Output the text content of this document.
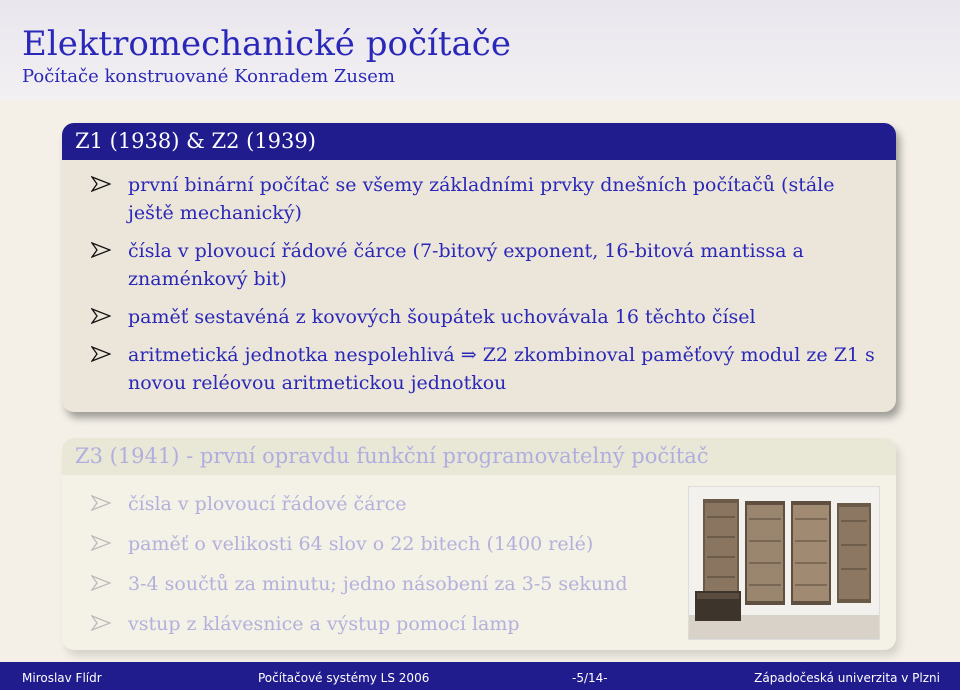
Elektromechanické počítače
Počítače konstruované Konradem Zusem
Z1 (1938) & Z2 (1939)
první binární počítač se všemy základními prvky dnešních počítačů (stále ještě mechanický)
čísla v plovoucí řádové čárce (7-bitový exponent, 16-bitová mantissa a znaménkový bit)
paměť sestavéná z kovových šoupátek uchovávala 16 těchto čísel
aritmetická jednotka nespolehlivá ⇒ Z2 zkombinoval paměťový modul ze Z1 s novou reléovou aritmetickou jednotkou
Z3 (1941) - první opravdu funkční programovatelný počítač
čísla v plovoucí řádové čárce
paměť o velikosti 64 slov o 22 bitech (1400 relé)
3-4 součtů za minutu; jedno násobení za 3-5 sekund
vstup z klávesnice a výstup pomocí lamp
Miroslav Flídr	Počítačové systémy LS 2006	-5/14-	Západočeská univerzita v Plzni
